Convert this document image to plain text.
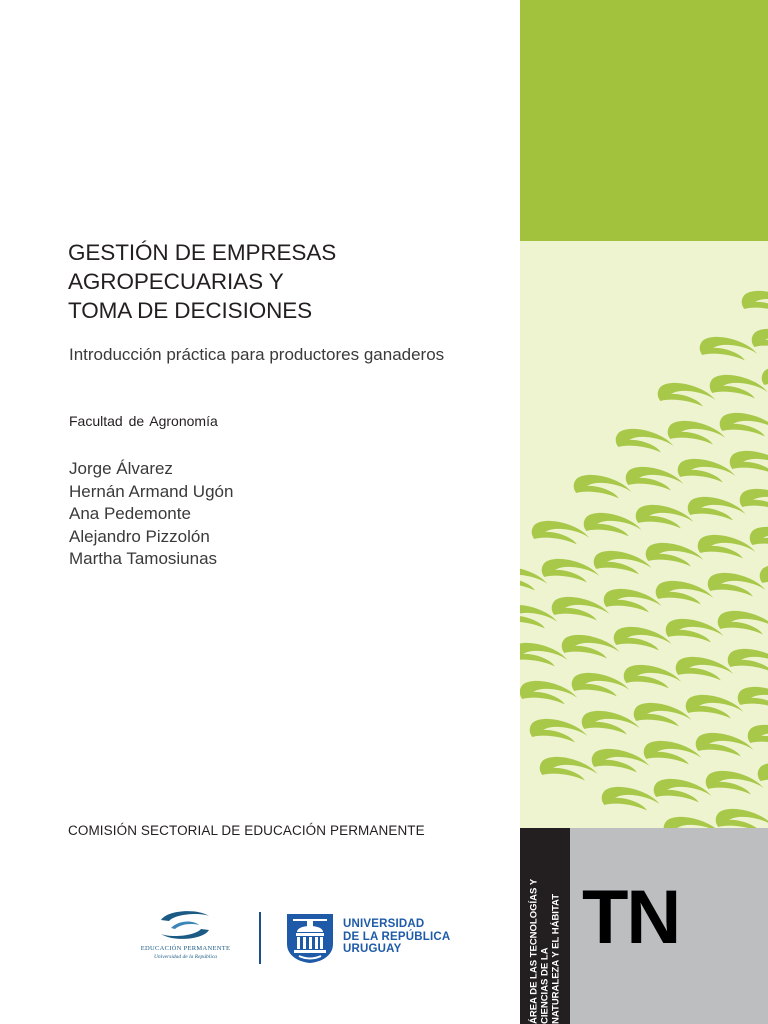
GESTIÓN DE EMPRESAS
AGROPECUARIAS Y
TOMA DE DECISIONES
Introducción práctica para productores ganaderos
Facultad de Agronomía
Jorge Álvarez
Hernán Armand Ugón
Ana Pedemonte
Alejandro Pizzolón
Martha Tamosiunas
COMISIÓN SECTORIAL DE EDUCACIÓN PERMANENTE
EDUCACIÓN PERMANENTE
Universidad de la República

UNIVERSIDAD
DE LA REPÚBLICA
URUGUAY	ÁREA DE LAS TECNOLOGÍAS Y CIENCIAS DE LA NATURALEZA Y EL HÁBITAT TN
